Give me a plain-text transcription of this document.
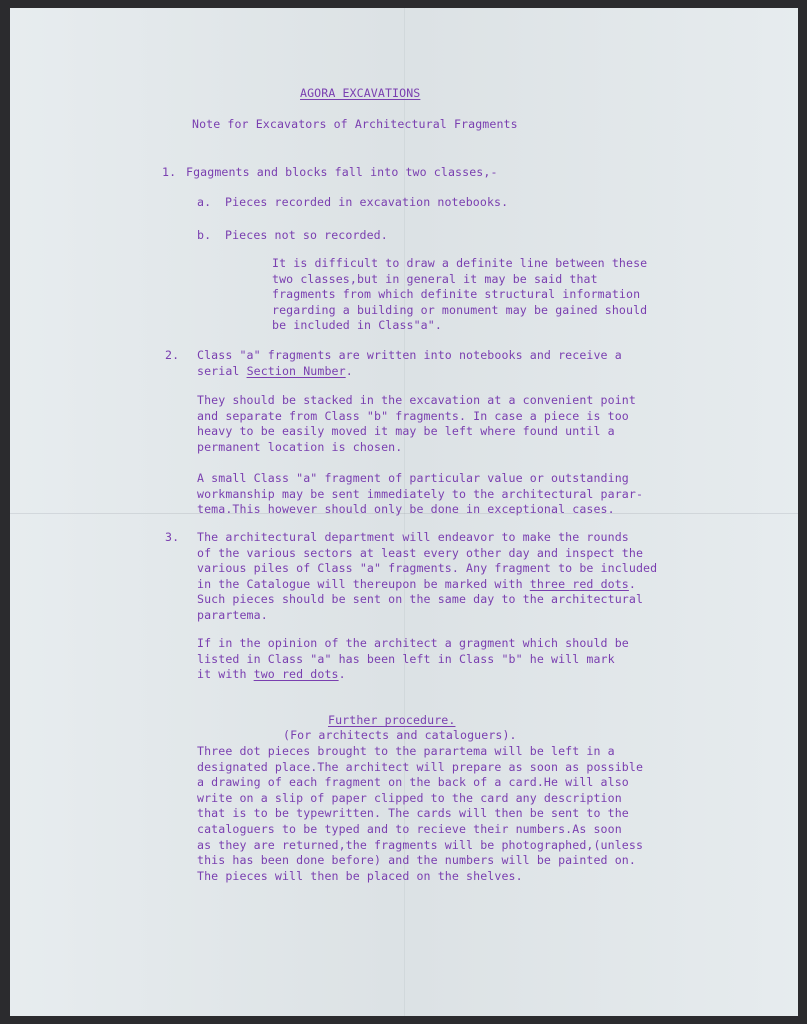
AGORA EXCAVATIONS
Note for Excavators of Architectural Fragments
1. Fgagments and blocks fall into two classes,-
a. Pieces recorded in excavation notebooks.
b. Pieces not so recorded.
It is difficult to draw a definite line between these
two classes,but in general it may be said that
fragments from which definite structural information
regarding a building or monument may be gained should
be included in Class"a".
2. Class "a" fragments are written into notebooks and receive a
serial Section Number.
They should be stacked in the excavation at a convenient point
and separate from Class "b" fragments. In case a piece is too
heavy to be easily moved it may be left where found until a
permanent location is chosen.
A small Class "a" fragment of particular value or outstanding
workmanship may be sent immediately to the architectural parar-
tema.This however should only be done in exceptional cases.
3. The architectural department will endeavor to make the rounds
of the various sectors at least every other day and inspect the
various piles of Class "a" fragments. Any fragment to be included
in the Catalogue will thereupon be marked with three red dots.
Such pieces should be sent on the same day to the architectural
parartema.
If in the opinion of the architect a gragment which should be
listed in Class "a" has been left in Class "b" he will mark
it with two red dots.
Further procedure.
(For architects and cataloguers).
Three dot pieces brought to the parartema will be left in a
designated place.The architect will prepare as soon as possible
a drawing of each fragment on the back of a card.He will also
write on a slip of paper clipped to the card any description
that is to be typewritten. The cards will then be sent to the
cataloguers to be typed and to recieve their numbers.As soon
as they are returned,the fragments will be photographed,(unless
this has been done before) and the numbers will be painted on.
The pieces will then be placed on the shelves.
